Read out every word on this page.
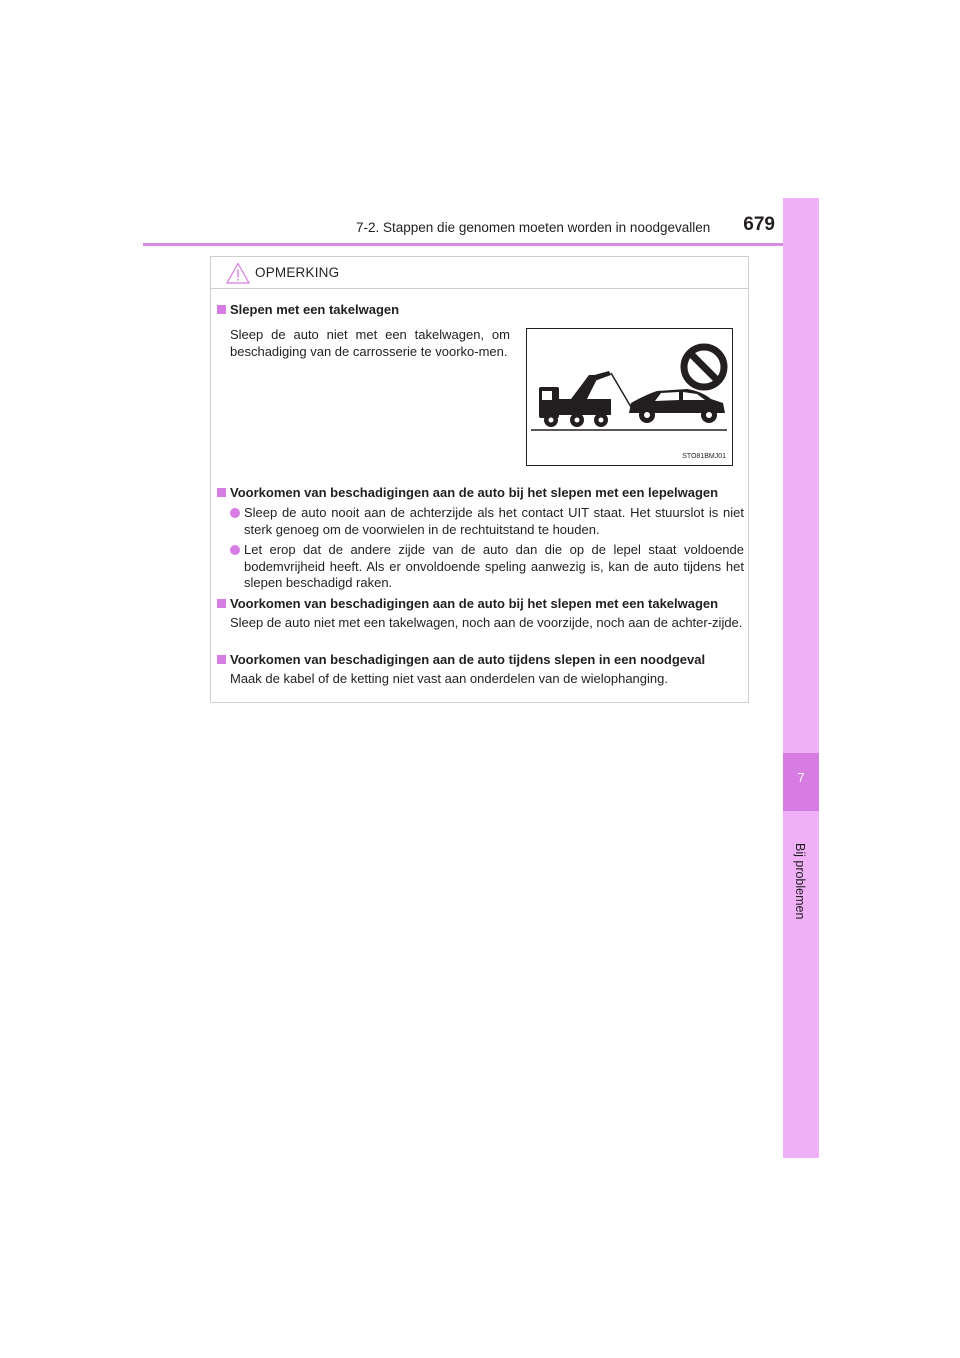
7-2. Stappen die genomen moeten worden in noodgevallen	679
7
Bij problemen
OPMERKING
Slepen met een takelwagen
Sleep de auto niet met een takelwagen, om beschadiging van de carrosserie te voorko-men.
STO81BMJ01
Voorkomen van beschadigingen aan de auto bij het slepen met een lepelwagen
Sleep de auto nooit aan de achterzijde als het contact UIT staat. Het stuurslot is niet sterk genoeg om de voorwielen in de rechtuitstand te houden.
Let erop dat de andere zijde van de auto dan die op de lepel staat voldoende bodemvrijheid heeft. Als er onvoldoende speling aanwezig is, kan de auto tijdens het slepen beschadigd raken.
Voorkomen van beschadigingen aan de auto bij het slepen met een takelwagen
Sleep de auto niet met een takelwagen, noch aan de voorzijde, noch aan de achter-zijde.
Voorkomen van beschadigingen aan de auto tijdens slepen in een noodgeval
Maak de kabel of de ketting niet vast aan onderdelen van de wielophanging.
